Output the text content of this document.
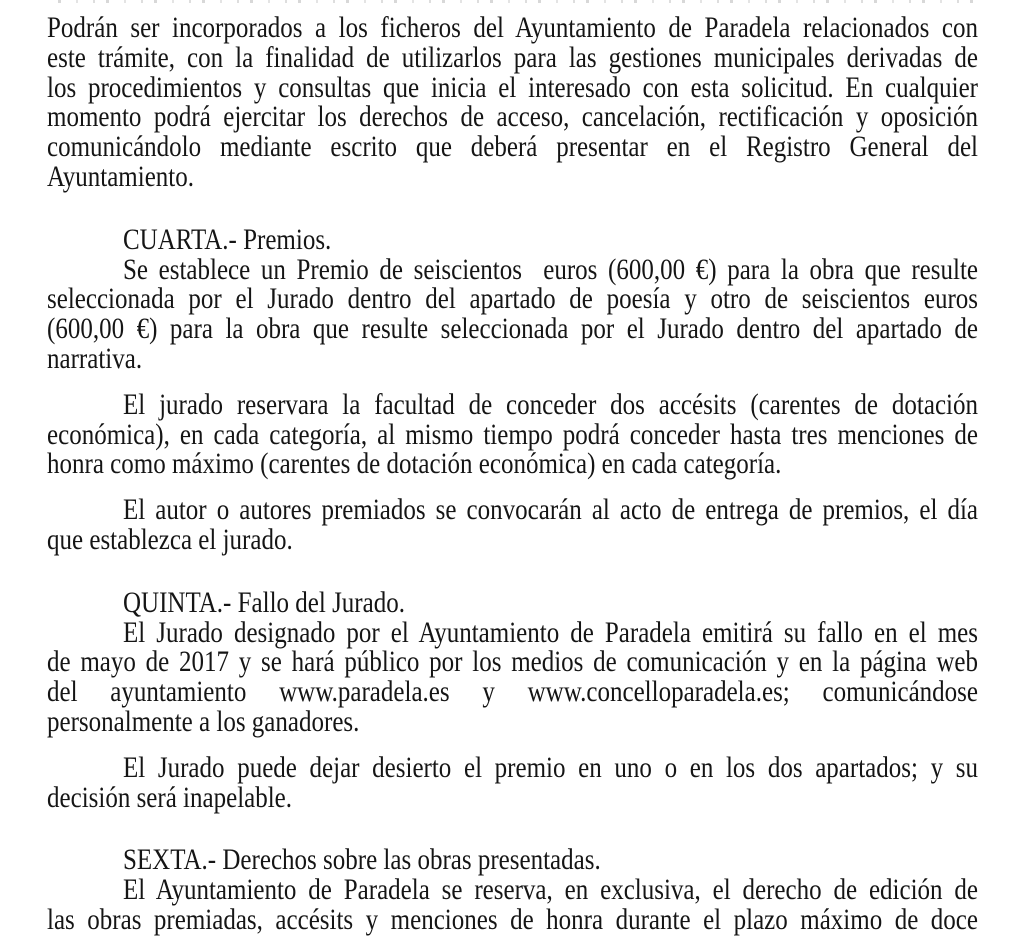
Podrán ser incorporados a los ficheros del Ayuntamiento de Paradela relacionados con
este trámite, con la finalidad de utilizarlos para las gestiones municipales derivadas de
los procedimientos y consultas que inicia el interesado con esta solicitud. En cualquier
momento podrá ejercitar los derechos de acceso, cancelación, rectificación y oposición
comunicándolo mediante escrito que deberá presentar en el Registro General del
Ayuntamiento.

CUARTA.- Premios.

Se establece un Premio de seiscientos  euros (600,00 €) para la obra que resulte
seleccionada por el Jurado dentro del apartado de poesía y otro de seiscientos euros
(600,00 €) para la obra que resulte seleccionada por el Jurado dentro del apartado de
narrativa.

El jurado reservara la facultad de conceder dos accésits (carentes de dotación
económica), en cada categoría, al mismo tiempo podrá conceder hasta tres menciones de
honra como máximo (carentes de dotación económica) en cada categoría.

El autor o autores premiados se convocarán al acto de entrega de premios, el día
que establezca el jurado.

QUINTA.- Fallo del Jurado.

El Jurado designado por el Ayuntamiento de Paradela emitirá su fallo en el mes
de mayo de 2017 y se hará público por los medios de comunicación y en la página web
del ayuntamiento www.paradela.es y www.concelloparadela.es; comunicándose
personalmente a los ganadores.

El Jurado puede dejar desierto el premio en uno o en los dos apartados; y su
decisión será inapelable.

SEXTA.- Derechos sobre las obras presentadas.

El Ayuntamiento de Paradela se reserva, en exclusiva, el derecho de edición de
las obras premiadas, accésits y menciones de honra durante el plazo máximo de doce
